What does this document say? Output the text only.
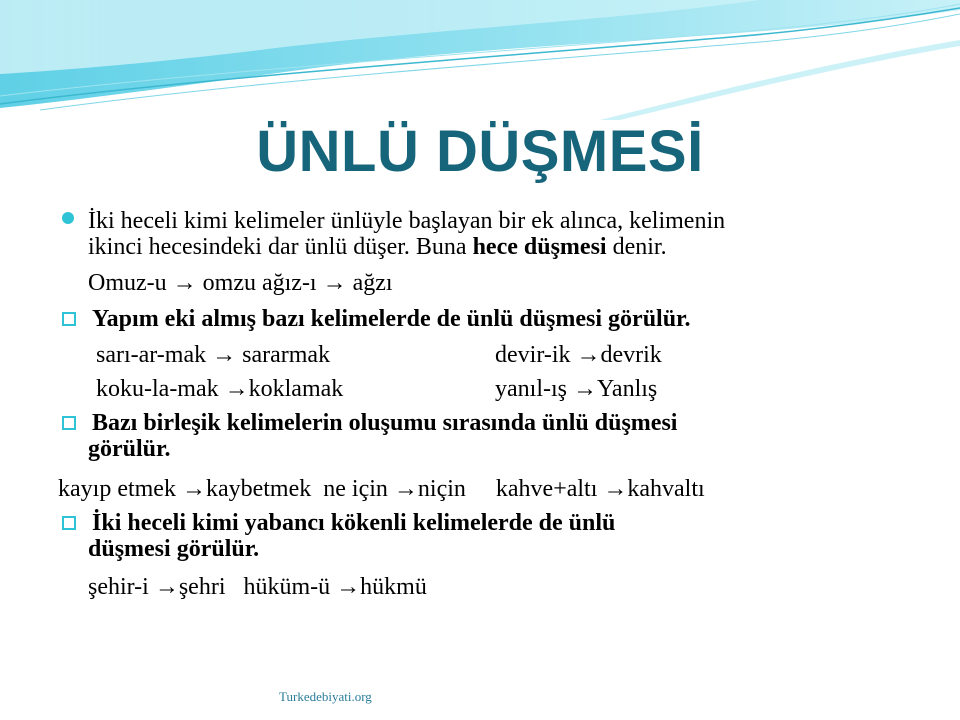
ÜNLÜ DÜŞMESİ
İki heceli kimi kelimeler ünlüyle başlayan bir ek alınca, kelimenin
ikinci hecesindeki dar ünlü düşer. Buna hece düşmesi denir.
Omuz-u → omzu ağız-ı → ağzı
Yapım eki almış bazı kelimelerde de ünlü düşmesi görülür.
sarı-ar-mak → sararmak	devir-ik →devrik
koku-la-mak →koklamak	yanıl-ış →Yanlış
Bazı birleşik kelimelerin oluşumu sırasında ünlü düşmesi
görülür.
kayıp etmek →kaybetmek  ne için →niçin     kahve+altı →kahvaltı
İki heceli kimi yabancı kökenli kelimelerde de ünlü
düşmesi görülür.
şehir-i →şehri   hüküm-ü →hükmü
Turkedebiyati.org
